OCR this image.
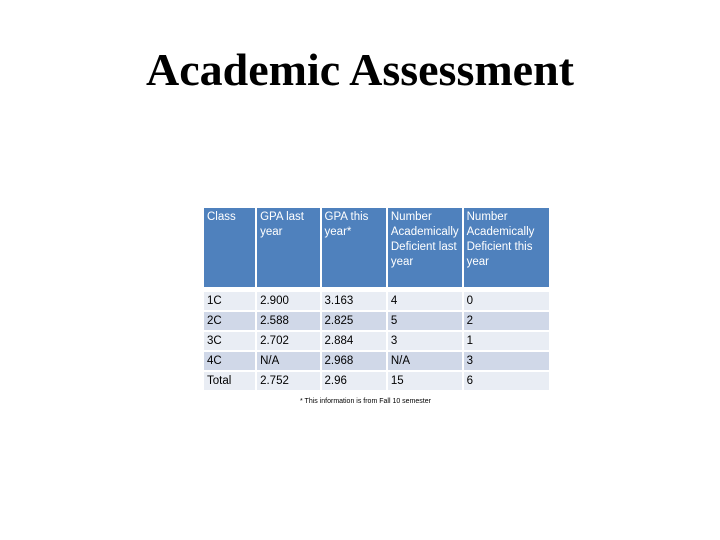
Academic Assessment
Class	GPA last year	GPA this year*	Number Academically Deficient last year	Number Academically Deficient this year
1C	2.900	3.163	4	0
2C	2.588	2.825	5	2
3C	2.702	2.884	3	1
4C	N/A	2.968	N/A	3
Total	2.752	2.96	15	6
* This information is from Fall 10 semester
